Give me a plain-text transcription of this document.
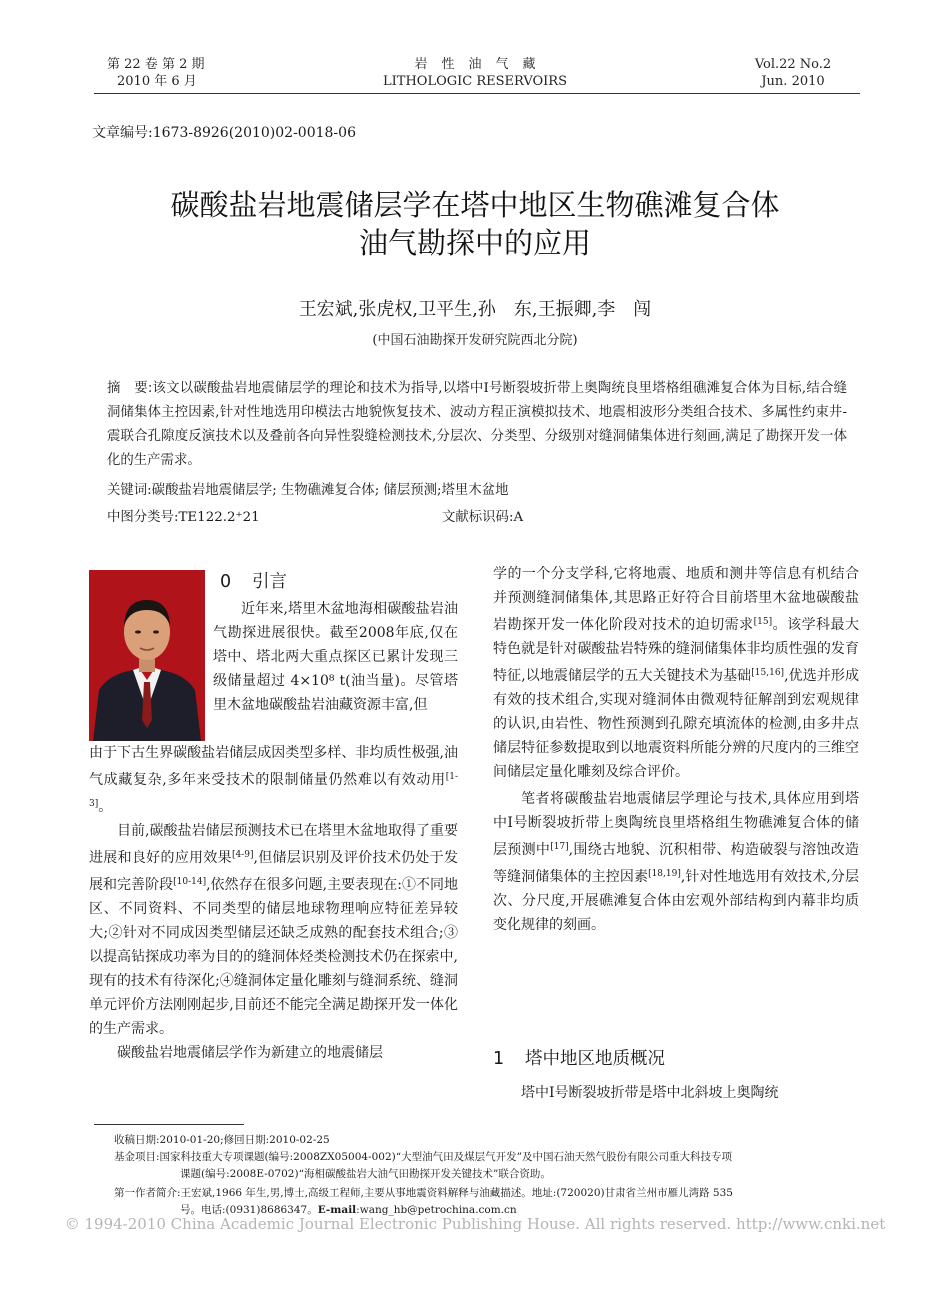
第 22 卷 第 2 期
2010 年 6 月
岩性油气藏
LITHOLOGIC RESERVOIRS
Vol.22 No.2
Jun. 2010
文章编号:1673-8926(2010)02-0018-06
碳酸盐岩地震储层学在塔中地区生物礁滩复合体
油气勘探中的应用
王宏斌,张虎权,卫平生,孙　东,王振卿,李　闯
(中国石油勘探开发研究院西北分院)
摘　要:该文以碳酸盐岩地震储层学的理论和技术为指导,以塔中Ⅰ号断裂坡折带上奥陶统良里塔格组礁滩复合体为目标,结合缝洞储集体主控因素,针对性地选用印模法古地貌恢复技术、波动方程正演模拟技术、地震相波形分类组合技术、多属性约束井-震联合孔隙度反演技术以及叠前各向异性裂缝检测技术,分层次、分类型、分级别对缝洞储集体进行刻画,满足了勘探开发一体化的生产需求。
关键词:碳酸盐岩地震储层学; 生物礁滩复合体; 储层预测;塔里木盆地
中图分类号:TE122.2⁺21	文献标识码:A
0 引言

近年来,塔里木盆地海相碳酸盐岩油气勘探进展很快。截至2008年底,仅在塔中、塔北两大重点探区已累计发现三级储量超过 4×10⁸ t(油当量)。尽管塔里木盆地碳酸盐岩油藏资源丰富,但

由于下古生界碳酸盐岩储层成因类型多样、非均质性极强,油气成藏复杂,多年来受技术的限制储量仍然难以有效动用[1-3]。

目前,碳酸盐岩储层预测技术已在塔里木盆地取得了重要进展和良好的应用效果[4-9],但储层识别及评价技术仍处于发展和完善阶段[10-14],依然存在很多问题,主要表现在:①不同地区、不同资料、不同类型的储层地球物理响应特征差异较大;②针对不同成因类型储层还缺乏成熟的配套技术组合;③以提高钻探成功率为目的的缝洞体烃类检测技术仍在探索中,现有的技术有待深化;④缝洞体定量化雕刻与缝洞系统、缝洞单元评价方法刚刚起步,目前还不能完全满足勘探开发一体化的生产需求。

碳酸盐岩地震储层学作为新建立的地震储层

学的一个分支学科,它将地震、地质和测井等信息有机结合并预测缝洞储集体,其思路正好符合目前塔里木盆地碳酸盐岩勘探开发一体化阶段对技术的迫切需求[15]。该学科最大特色就是针对碳酸盐岩特殊的缝洞储集体非均质性强的发育特征,以地震储层学的五大关键技术为基础[15,16],优选并形成有效的技术组合,实现对缝洞体由微观特征解剖到宏观规律的认识,由岩性、物性预测到孔隙充填流体的检测,由多井点储层特征参数提取到以地震资料所能分辨的尺度内的三维空间储层定量化雕刻及综合评价。

笔者将碳酸盐岩地震储层学理论与技术,具体应用到塔中Ⅰ号断裂坡折带上奥陶统良里塔格组生物礁滩复合体的储层预测中[17],围绕古地貌、沉积相带、构造破裂与溶蚀改造等缝洞储集体的主控因素[18,19],针对性地选用有效技术,分层次、分尺度,开展礁滩复合体由宏观外部结构到内幕非均质变化规律的刻画。

1 塔中地区地质概况

塔中Ⅰ号断裂坡折带是塔中北斜坡上奥陶统

收稿日期:2010-01-20;修回日期:2010-02-25
基金项目:国家科技重大专项课题(编号:2008ZX05004-002)“大型油气田及煤层气开发”及中国石油天然气股份有限公司重大科技专项
课题(编号:2008E-0702)“海相碳酸盐岩大油气田勘探开发关键技术”联合资助。
第一作者简介:王宏斌,1966 年生,男,博士,高级工程师,主要从事地震资料解释与油藏描述。地址:(720020)甘肃省兰州市雁儿湾路 535
号。电话:(0931)8686347。E-mail:wang_hb@petrochina.com.cn
© 1994-2010 China Academic Journal Electronic Publishing House. All rights reserved. http://www.cnki.net
